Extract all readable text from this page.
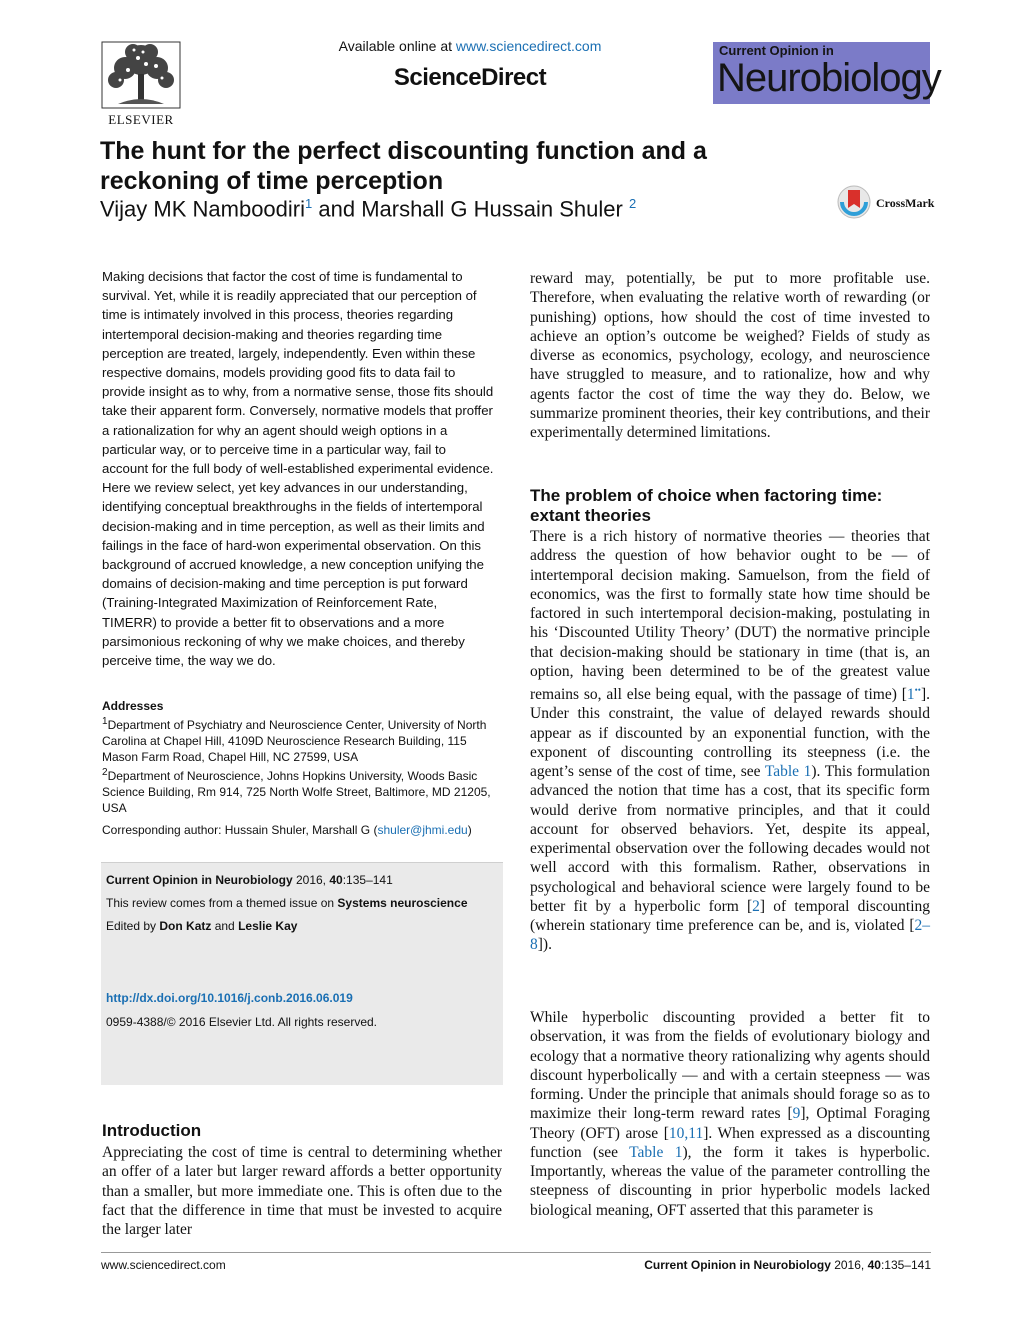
ELSEVIER
Available online at www.sciencedirect.com
ScienceDirect
Current Opinion in
Neurobiology
The hunt for the perfect discounting function and a reckoning of time perception
Vijay MK Namboodiri$^1$ and Marshall G Hussain Shuler $^2$	CrossMark
Making decisions that factor the cost of time is fundamental to survival. Yet, while it is readily appreciated that our perception of time is intimately involved in this process, theories regarding intertemporal decision-making and theories regarding time perception are treated, largely, independently. Even within these respective domains, models providing good fits to data fail to provide insight as to why, from a normative sense, those fits should take their apparent form. Conversely, normative models that proffer a rationalization for why an agent should weigh options in a particular way, or to perceive time in a particular way, fail to account for the full body of well-established experimental evidence. Here we review select, yet key advances in our understanding, identifying conceptual breakthroughs in the fields of intertemporal decision-making and in time perception, as well as their limits and failings in the face of hard-won experimental observation. On this background of accrued knowledge, a new conception unifying the domains of decision-making and time perception is put forward (Training-Integrated Maximization of Reinforcement Rate, TIMERR) to provide a better fit to observations and a more parsimonious reckoning of why we make choices, and thereby perceive time, the way we do.
Addresses
$^1$Department of Psychiatry and Neuroscience Center, University of North Carolina at Chapel Hill, 4109D Neuroscience Research Building, 115 Mason Farm Road, Chapel Hill, NC 27599, USA
$^2$Department of Neuroscience, Johns Hopkins University, Woods Basic Science Building, Rm 914, 725 North Wolfe Street, Baltimore, MD 21205, USA
Corresponding author: Hussain Shuler, Marshall G (shuler@jhmi.edu)
Current Opinion in Neurobiology 2016, 40:135–141
This review comes from a themed issue on Systems neuroscience
Edited by Don Katz and Leslie Kay
http://dx.doi.org/10.1016/j.conb.2016.06.019
0959-4388/© 2016 Elsevier Ltd. All rights reserved.
Introduction
Appreciating the cost of time is central to determining whether an offer of a later but larger reward affords a better opportunity than a smaller, but more immediate one. This is often due to the fact that the difference in time that must be invested to acquire the larger later
reward may, potentially, be put to more profitable use. Therefore, when evaluating the relative worth of rewarding (or punishing) options, how should the cost of time invested to achieve an option’s outcome be weighed? Fields of study as diverse as economics, psychology, ecology, and neuroscience have struggled to measure, and to rationalize, how and why agents factor the cost of time the way they do. Below, we summarize prominent theories, their key contributions, and their experimentally determined limitations.
The problem of choice when factoring time: extant theories
There is a rich history of normative theories — theories that address the question of how behavior ought to be — of intertemporal decision making. Samuelson, from the field of economics, was the first to formally state how time should be factored in such intertemporal decision-making, postulating in his ‘Discounted Utility Theory’ (DUT) the normative principle that decision-making should be stationary in time (that is, an option, having been determined to be of the greatest value remains so, all else being equal, with the passage of time) [1••]. Under this constraint, the value of delayed rewards should appear as if discounted by an exponential function, with the exponent of discounting controlling its steepness (i.e. the agent’s sense of the cost of time, see Table 1). This formulation advanced the notion that time has a cost, that its specific form would derive from normative principles, and that it could account for observed behaviors. Yet, despite its appeal, experimental observation over the following decades would not well accord with this formalism. Rather, observations in psychological and behavioral science were largely found to be better fit by a hyperbolic form [2] of temporal discounting (wherein stationary time preference can be, and is, violated [2–8]).
While hyperbolic discounting provided a better fit to observation, it was from the fields of evolutionary biology and ecology that a normative theory rationalizing why agents should discount hyperbolically — and with a certain steepness — was forming. Under the principle that animals should forage so as to maximize their long-term reward rates [9], Optimal Foraging Theory (OFT) arose [10,11]. When expressed as a discounting function (see Table 1), the form it takes is hyperbolic. Importantly, whereas the value of the parameter controlling the steepness of discounting in prior hyperbolic models lacked biological meaning, OFT asserted that this parameter is
www.sciencedirect.com	Current Opinion in Neurobiology 2016, 40:135–141
